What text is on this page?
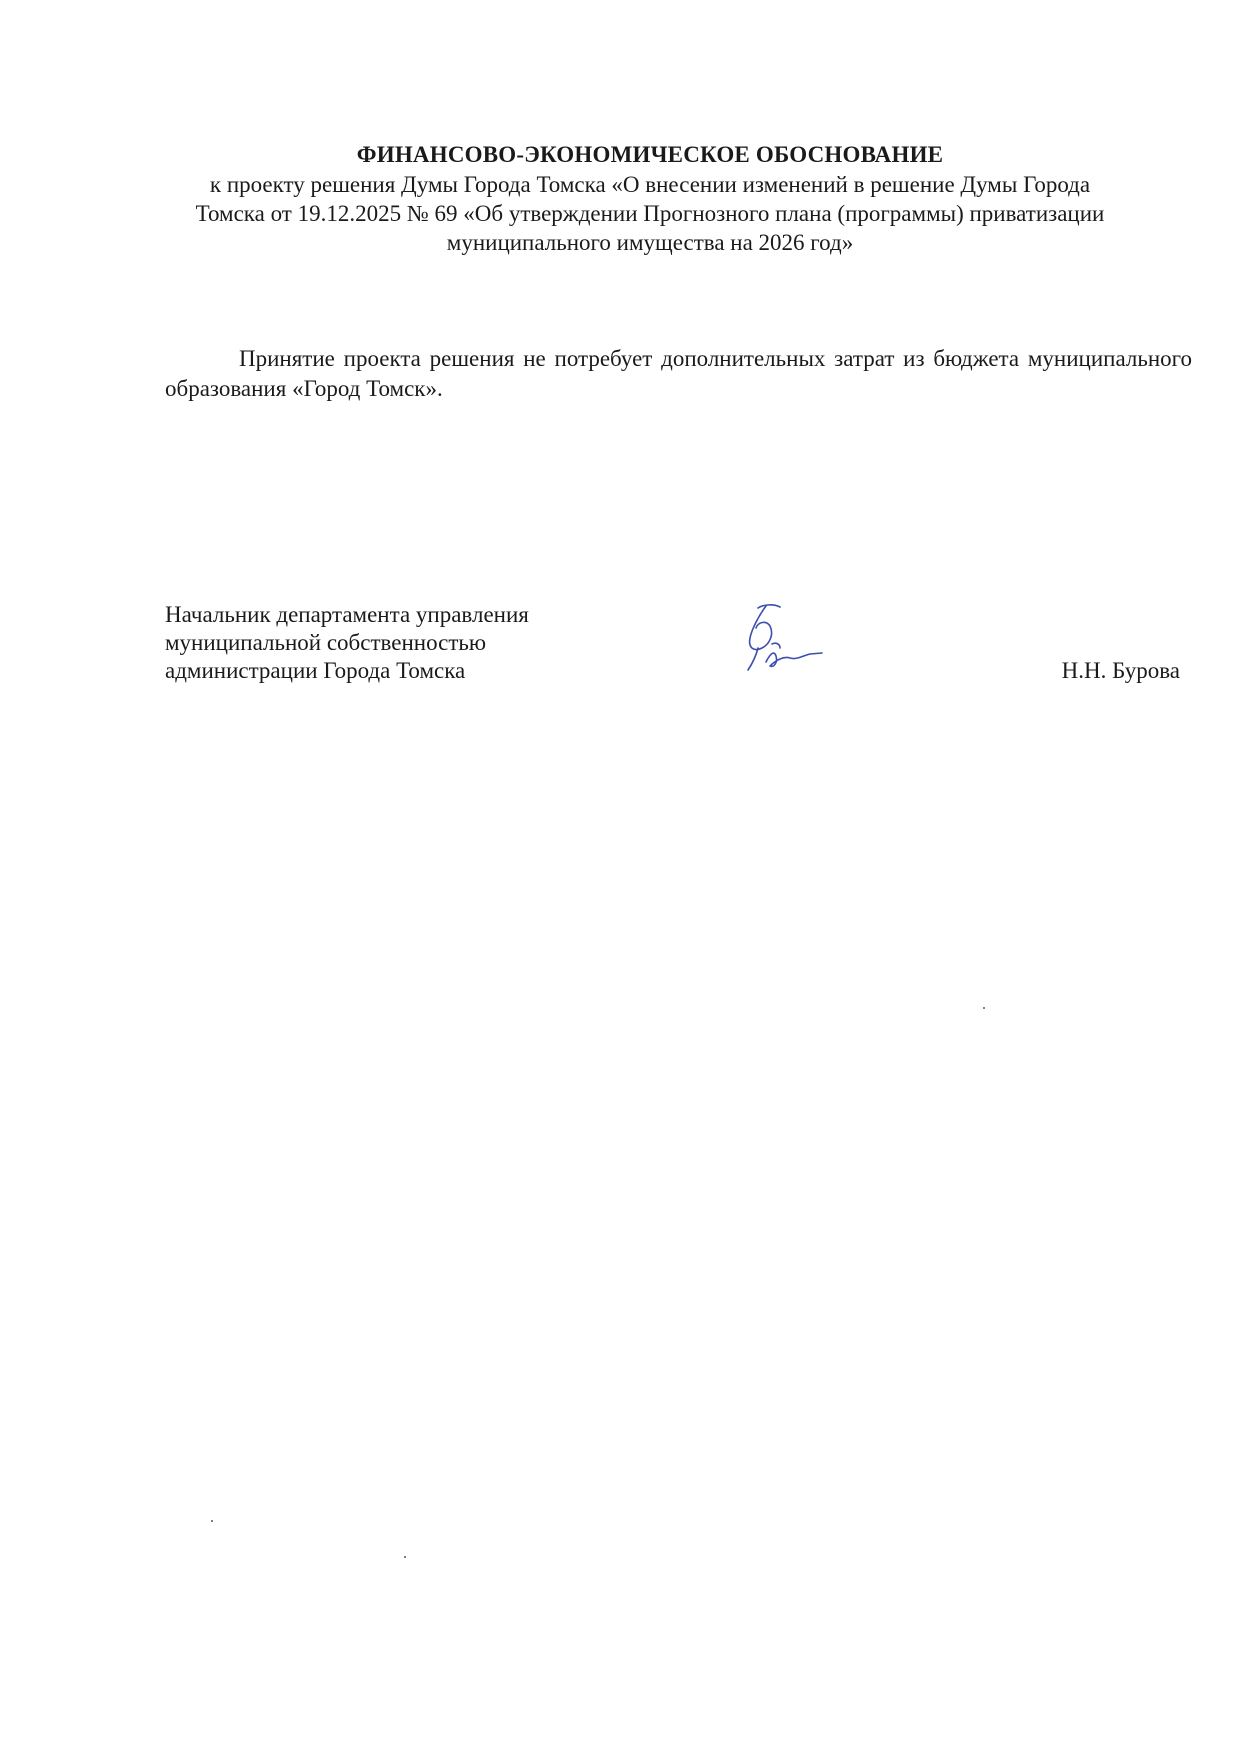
ФИНАНСОВО-ЭКОНОМИЧЕСКОЕ ОБОСНОВАНИЕ
к проекту решения Думы Города Томска «О внесении изменений в решение Думы Города
Томска от 19.12.2025 № 69 «Об утверждении Прогнозного плана (программы) приватизации
муниципального имущества на 2026 год»
Принятие проекта решения не потребует дополнительных затрат из бюджета муниципального образования «Город Томск».
Начальник департамента управления
муниципальной собственностью
администрации Города Томска	Н.Н. Бурова
